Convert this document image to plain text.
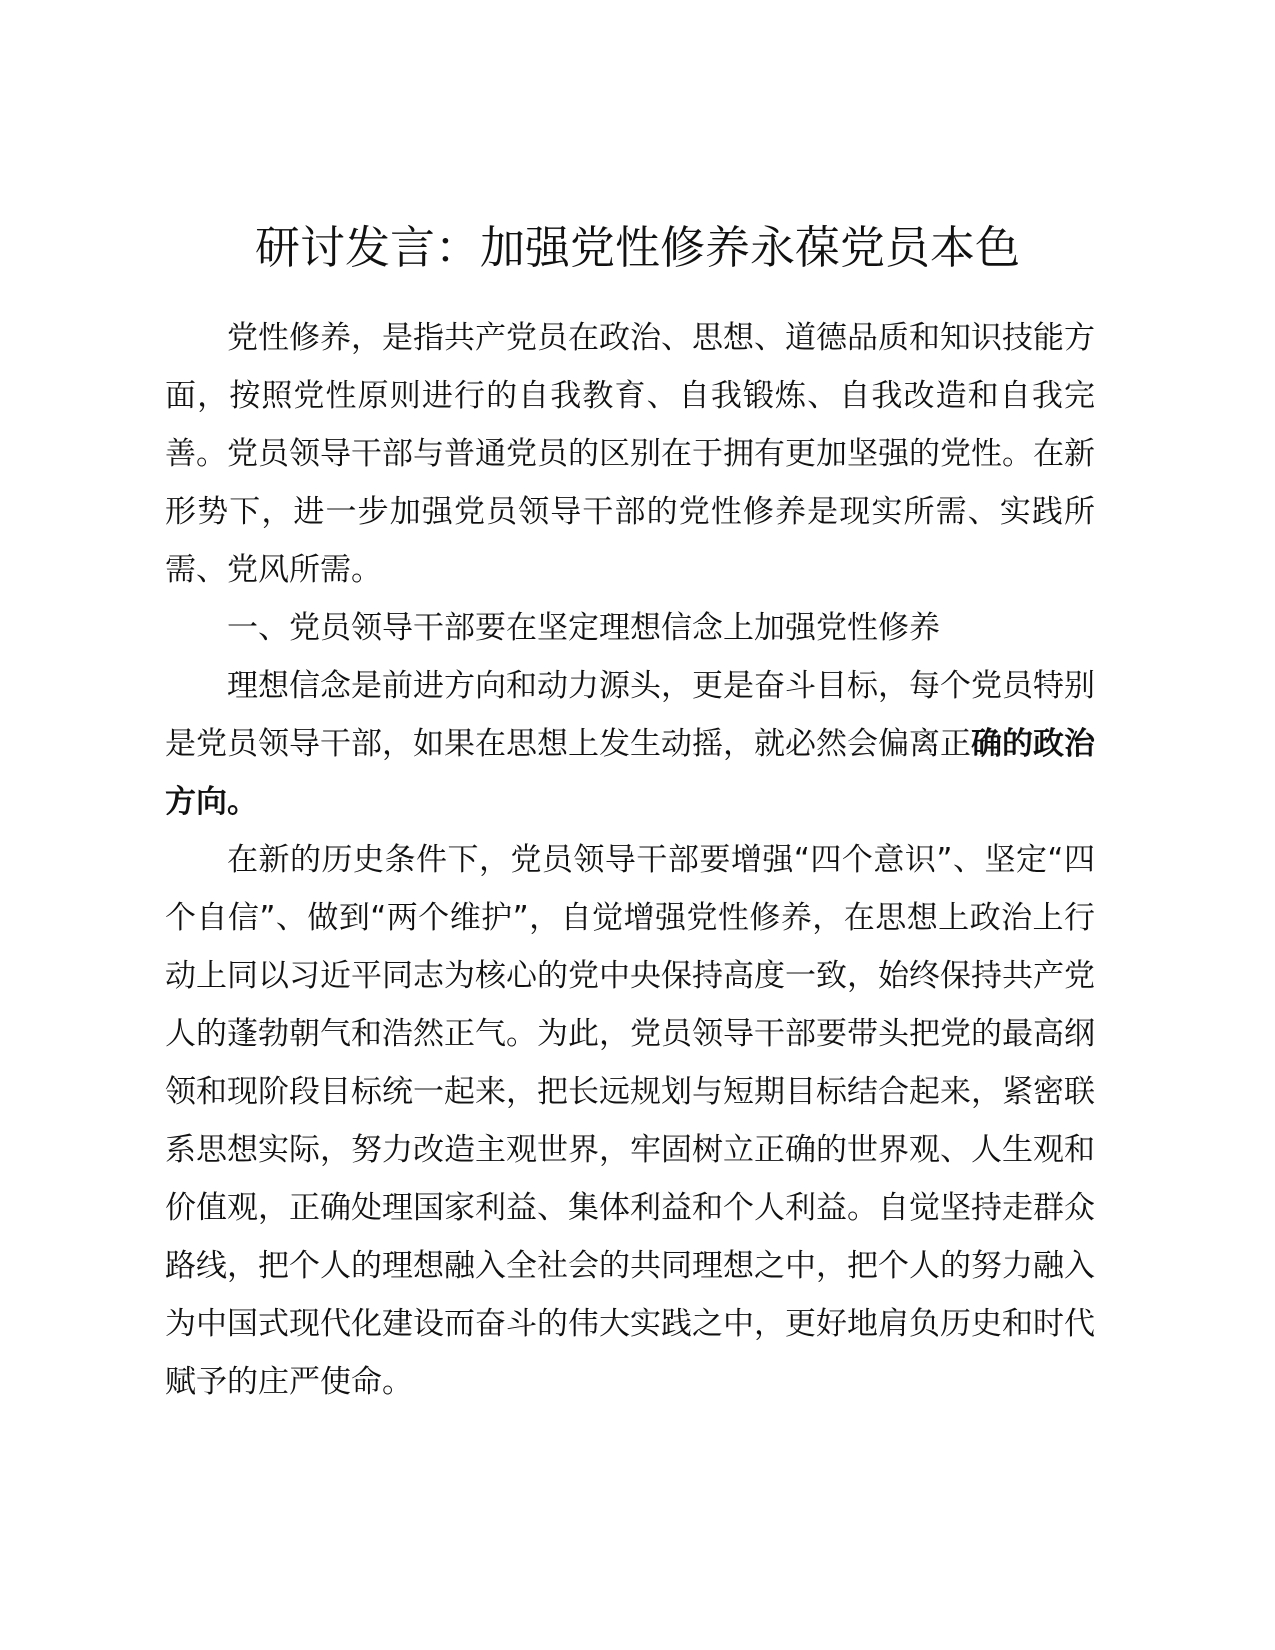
研讨发言：加强党性修养永葆党员本色

党性修养，是指共产党员在政治、思想、道德品质和知识技能方面，按照党性原则进行的自我教育、自我锻炼、自我改造和自我完善。党员领导干部与普通党员的区别在于拥有更加坚强的党性。在新形势下，进一步加强党员领导干部的党性修养是现实所需、实践所需、党风所需。

一、党员领导干部要在坚定理想信念上加强党性修养

理想信念是前进方向和动力源头，更是奋斗目标，每个党员特别是党员领导干部，如果在思想上发生动摇，就必然会偏离正确的政治方向。

在新的历史条件下，党员领导干部要增强“四个意识”、坚定“四个自信”、做到“两个维护”，自觉增强党性修养，在思想上政治上行动上同以习近平同志为核心的党中央保持高度一致，始终保持共产党人的蓬勃朝气和浩然正气。为此，党员领导干部要带头把党的最高纲领和现阶段目标统一起来，把长远规划与短期目标结合起来，紧密联系思想实际，努力改造主观世界，牢固树立正确的世界观、人生观和价值观，正确处理国家利益、集体利益和个人利益。自觉坚持走群众路线，把个人的理想融入全社会的共同理想之中，把个人的努力融入为中国式现代化建设而奋斗的伟大实践之中，更好地肩负历史和时代赋予的庄严使命。
